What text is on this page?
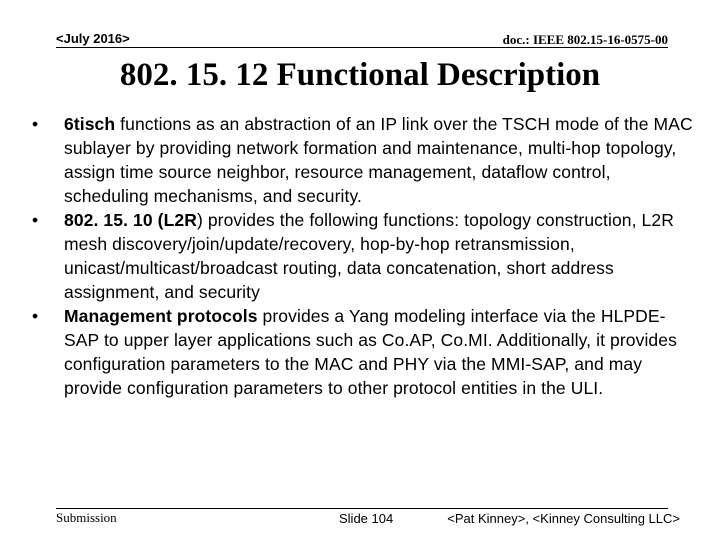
<July 2016>	doc.: IEEE 802.15-16-0575-00
802. 15. 12 Functional Description
• 6tisch functions as an abstraction of an IP link over the TSCH mode of the MAC sublayer by providing network formation and maintenance, multi-hop topology, assign time source neighbor, resource management, dataflow control, scheduling mechanisms, and security.
• 802. 15. 10 (L2R) provides the following functions: topology construction, L2R mesh discovery/join/update/recovery, hop-by-hop retransmission, unicast/multicast/broadcast routing, data concatenation, short address assignment, and security
• Management protocols provides a Yang modeling interface via the HLPDE-SAP to upper layer applications such as Co.AP, Co.MI. Additionally, it provides configuration parameters to the MAC and PHY via the MMI-SAP, and may provide configuration parameters to other protocol entities in the ULI.
Submission	Slide 104	<Pat Kinney>, <Kinney Consulting LLC>
